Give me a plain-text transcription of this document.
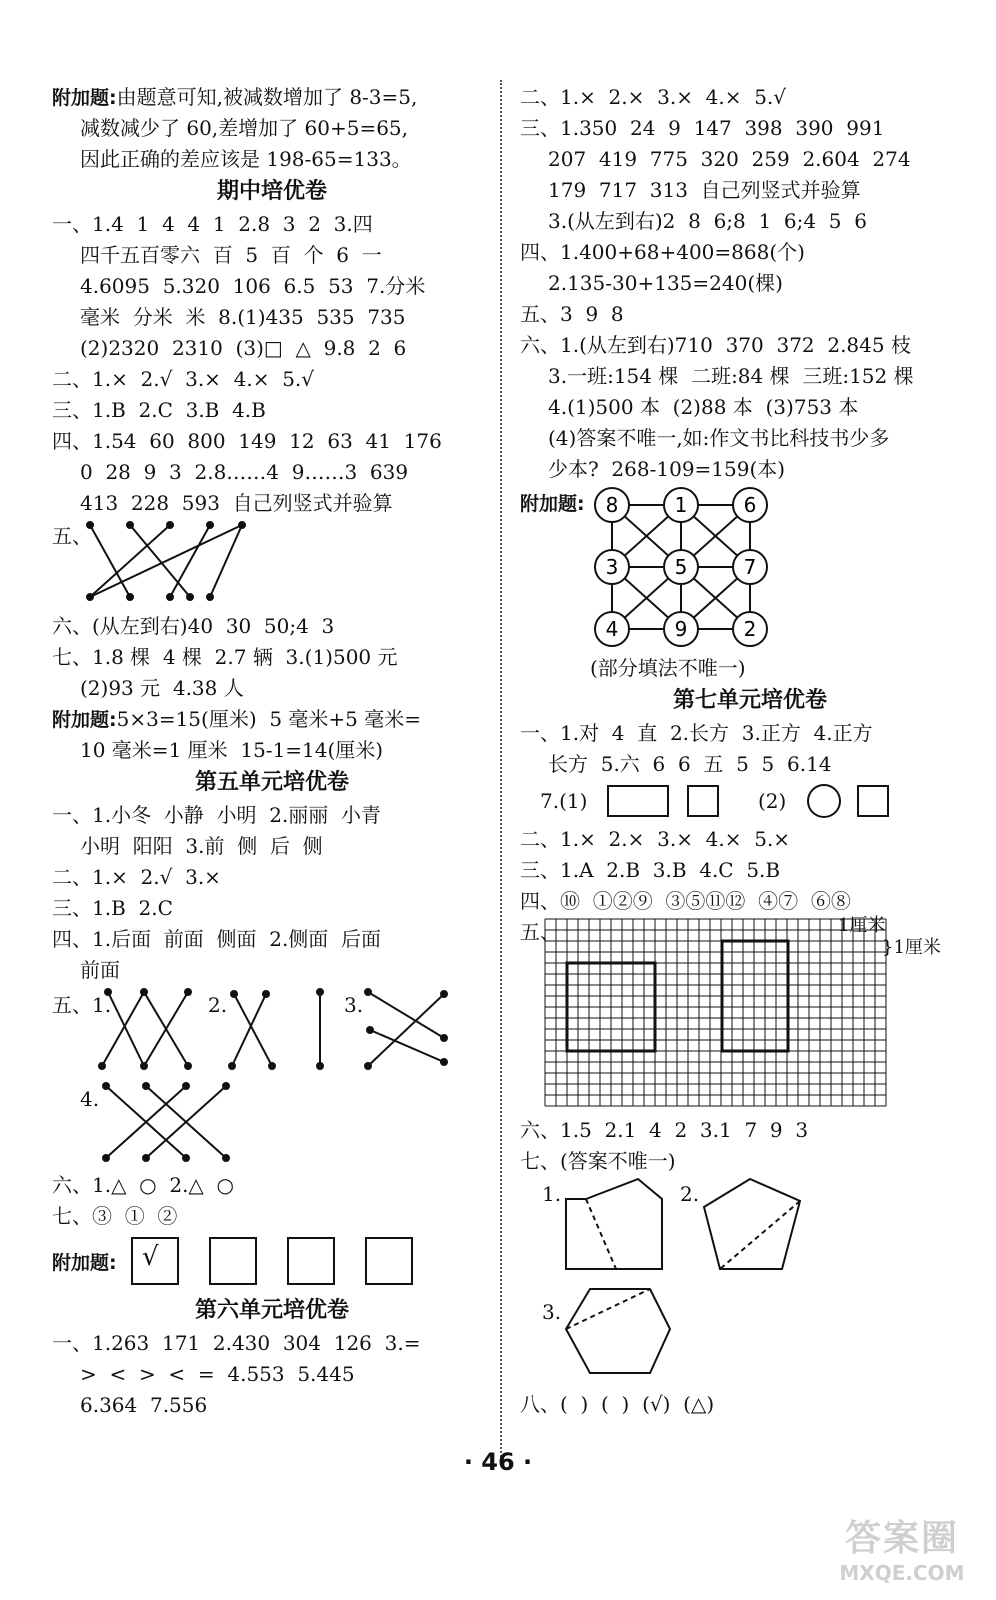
附加题:由题意可知,被减数增加了 8-3=5,
减数减少了 60,差增加了 60+5=65,
因此正确的差应该是 198-65=133。
期中培优卷
一、1.4  1  4  4  1  2.8  3  2  3.四
四千五百零六  百  5  百  个  6  一
4.6095  5.320  106  6.5  53  7.分米
毫米  分米  米  8.(1)435  535  735
(2)2320  2310  (3)□  △  9.8  2  6
二、1.×  2.√  3.×  4.×  5.√
三、1.B  2.C  3.B  4.B
四、1.54  60  800  149  12  63  41  176
0  28  9  3  2.8……4  9……3  639
413  228  593  自己列竖式并验算
五、
六、(从左到右)40  30  50;4  3
七、1.8 棵  4 棵  2.7 辆  3.(1)500 元
(2)93 元  4.38 人
附加题:5×3=15(厘米)  5 毫米+5 毫米=
10 毫米=1 厘米  15-1=14(厘米)
第五单元培优卷
一、1.小冬  小静  小明  2.丽丽  小青
小明  阳阳  3.前  侧  后  侧
二、1.×  2.√  3.×
三、1.B  2.C
四、1.后面  前面  侧面  2.侧面  后面
前面
五、1.	2.	3.
4.
六、1.△  ○  2.△  ○
七、③  ①  ②
附加题: √
第六单元培优卷
一、1.263  171  2.430  304  126  3.=
>  <  >  <  =  4.553  5.445
6.364  7.556
二、1.×  2.×  3.×  4.×  5.√
三、1.350  24  9  147  398  390  991
207  419  775  320  259  2.604  274
179  717  313  自己列竖式并验算
3.(从左到右)2  8  6;8  1  6;4  5  6
四、1.400+68+400=868(个)
2.135-30+135=240(棵)
五、3  9  8
六、1.(从左到右)710  370  372  2.845 枝
3.一班:154 棵  二班:84 棵  三班:152 棵
4.(1)500 本  (2)88 本  (3)753 本
(4)答案不唯一,如:作文书比科技书少多
少本?  268-109=159(本)
附加题: 8	1	6
3	5	7
4	9	2
(部分填法不唯一)
第七单元培优卷
一、1.对  4  直  2.长方  3.正方  4.正方
长方  5.六  6  6  五  5  5  6.14
7.(1)	(2)
二、1.×  2.×  3.×  4.×  5.×
三、1.A  2.B  3.B  4.C  5.B
四、⑩  ①②⑨  ③⑤⑪⑫  ④⑦  ⑥⑧
五、	1厘米
}1厘米
六、1.5  2.1  4  2  3.1  7  9  3
七、(答案不唯一)
1.	2.
3.
八、(  )  (  )  (√)  (△)
· 46 ·
答案圈
MXQE.COM
